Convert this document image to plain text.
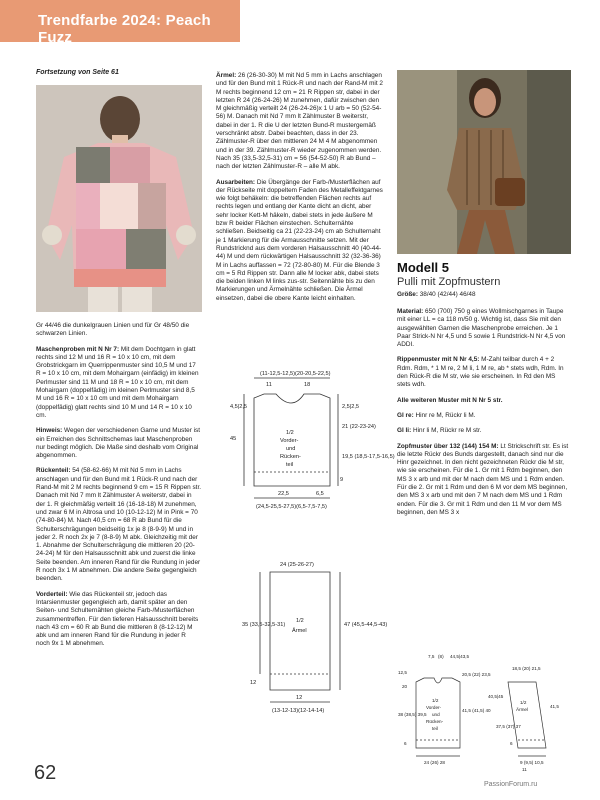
Trendfarbe 2024: Peach Fuzz
Fortsetzung von Seite 61
Modell 5
Pulli mit Zopfmustern
Größe: 38/40 (42/44) 46/48

Gr 44/46 die dunkelgrauen Linien und für Gr 48/50 die schwarzen Linien.

Maschenproben mit N Nr 7: Mit dem Dochtgarn in glatt rechts sind 12 M und 16 R = 10 x 10 cm, mit dem Grobstrickgarn im Querrippenmuster sind 10,5 M und 17 R = 10 x 10 cm, mit dem Mohairgarn (einfädig) im kleinen Perlmuster sind 11 M und 18 R = 10 x 10 cm, mit dem Mohairgarn (doppelfädig) im kleinen Perlmuster sind 8,5 M und 16 R = 10 x 10 cm und mit dem Mohairgarn (doppelfädig) glatt rechts sind 10 M und 14 R = 10 x 10 cm.

Hinweis: Wegen der verschiedenen Garne und Muster ist ein Erreichen des Schnittschemas laut Maschenproben nur bedingt möglich. Die Maße sind deshalb vom Original abgenommen.

Rückenteil: 54 (58-62-66) M mit Nd 5 mm in Lachs anschlagen und für den Bund mit 1 Rück-R und nach der Rand-M mit 2 M rechts beginnend 9 cm = 15 R Rippen str. Danach mit Nd 7 mm lt Zählmuster A weiterstr, dabei in der 1. R gleichmäßig verteilt 16 (16-18-18) M zunehmen, und zwar 6 M in Altrosa und 10 (10-12-12) M in Pink = 70 (74-80-84) M. Nach 40,5 cm = 68 R ab Bund für die Schulterschrägungen beidseitig 1x je 8 (8-9-9) M und in jeder 2. R noch 2x je 7 (8-8-9) M abk. Gleichzeitig mit der 1. Abnahme der Schulterschrägung die mittleren 20 (20-24-24) M für den Halsausschnitt abk und zuerst die linke Seite beenden. Am inneren Rand für die Rundung in jeder R noch 3x 1 M abnehmen. Die andere Seite gegengleich beenden.

Vorderteil: Wie das Rückenteil str, jedoch das Intarsienmuster gegengleich arb, damit später an den Seiten- und Schulternähten gleiche Farb-/Musterflächen zusammentreffen. Für den tieferen Halsausschnitt bereits nach 43 cm = 60 R ab Bund die mittleren 8 (8-12-12) M abk und am inneren Rand für die Rundung in jeder R noch 9x 1 M abnehmen.

Ärmel: 26 (26-30-30) M mit Nd 5 mm in Lachs anschlagen und für den Bund mit 1 Rück-R und nach der Rand-M mit 2 M rechts beginnend 12 cm = 21 R Rippen str, dabei in der letzten R 24 (26-24-26) M zunehmen, dafür zwischen den M gleichmäßig verteilt 24 (26-24-26)x 1 U arb = 50 (52-54-56) M. Danach mit Nd 7 mm lt Zählmuster B weiterstr, dabei in der 1. R die U der letzten Bund-R mustergemäß verschränkt abstr. Dabei beachten, dass in der 23. Zählmuster-R über den mittleren 24 M 4 M abgenommen und in der 39. Zählmuster-R wieder zugenommen werden. Nach 35 (33,5-32,5-31) cm = 56 (54-52-50) R ab Bund – nach der letzten Zählmuster-R – alle M abk.

Ausarbeiten: Die Übergänge der Farb-/Musterflächen auf der Rückseite mit doppeltem Faden des Metalleffektgarnes wie folgt behäkeln: die betreffenden Flächen rechts auf rechts legen und entlang der Kante dicht an dicht, aber sehr locker Kett-M häkeln, dabei stets in jede äußere M bzw R beider Flächen einstechen. Schulternähte schließen. Beidseitig ca 21 (22-23-24) cm ab Schulternaht je 1 Markierung für die Armausschnitte setzen. Mit der Rundstricknd aus dem vorderen Halsausschnitt 40 (40-44-44) M und dem rückwärtigen Halsausschnitt 32 (32-36-36) M in Lachs auffassen = 72 (72-80-80) M. Für die Blende 3 cm = 5 Rd Rippen str. Dann alle M locker abk, dabei stets die beiden linken M links zus-str. Seitennähte bis zu den Markierungen und Ärmelnähte schließen. Die Ärmel einsetzen, dabei die obere Kante leicht einhalten.

Material: 650 (700) 750 g eines Wollmischgarnes in Taupe mit einer LL = ca 118 m/50 g. Wichtig ist, dass Sie mit den ausgewählten Garnen die Maschenprobe erreichen. Je 1 Paar Strick-N Nr 4,5 und 5 sowie 1 Rundstrick-N Nr 4,5 von ADDI.

Rippenmuster mit N Nr 4,5: M-Zahl teilbar durch 4 + 2 Rdm. Rdm, * 1 M re, 2 M li, 1 M re, ab * stets wdh, Rdm. In den Rück-R die M str, wie sie erscheinen. In Rd den MS stets wdh.

Alle weiteren Muster mit N Nr 5 str.

Gl re: Hinr re M, Rückr li M.

Gl li: Hinr li M, Rückr re M str.

Zopfmuster über 132 (144) 154 M: Lt Strickschrift str. Es ist die letzte Rückr des Bunds dargestellt, danach sind nur die Hinr gezeichnet. In den nicht gezeichneten Rückr die M str, wie sie erscheinen. Für die 1. Gr mit 1 Rdm beginnen, den MS 3 x arb und mit der M nach dem MS und 1 Rdm enden. Für die 2. Gr mit 1 Rdm und den 6 M vor dem MS beginnen, den MS 3 x arb und mit den 7 M nach dem MS und 1 Rdm enden. Für die 3. Gr mit 1 Rdm und den 11 M vor dem MS beginnen, den MS 3 x

(11-12,5-12,5)(20-20,5-22,5)
11	18
4,5|2,5
45
2,5|2,5
21 (22-23-24)
19,5 (18,5-17,5-16,5)
1/2
Vorder-
und
Rücken-
teil
9
22,5	6,5
(24,5-25,5-27,5)(6,5-7,5-7,5)
24 (25-26-27)
1/2
Ärmel
35 (33,5-32,5-31)	47 (45,5-44,5-43)
12
12
(13-12-13)(12-14-14)
7,5 (8) 44,5|43,5
12,5
20
38 (38,5) 39,5
20,5 (22) 23,5
41,5 (41,5) 40
1/2
Vorder-
und
Rücken-
teil
6
24 (26) 28
18,5 (20) 21,5
40,5|45
1/2
Ärmel
41,5
37,5 (37) 37
6
9 (9,5) 10,5
11
62
PassionForum.ru
